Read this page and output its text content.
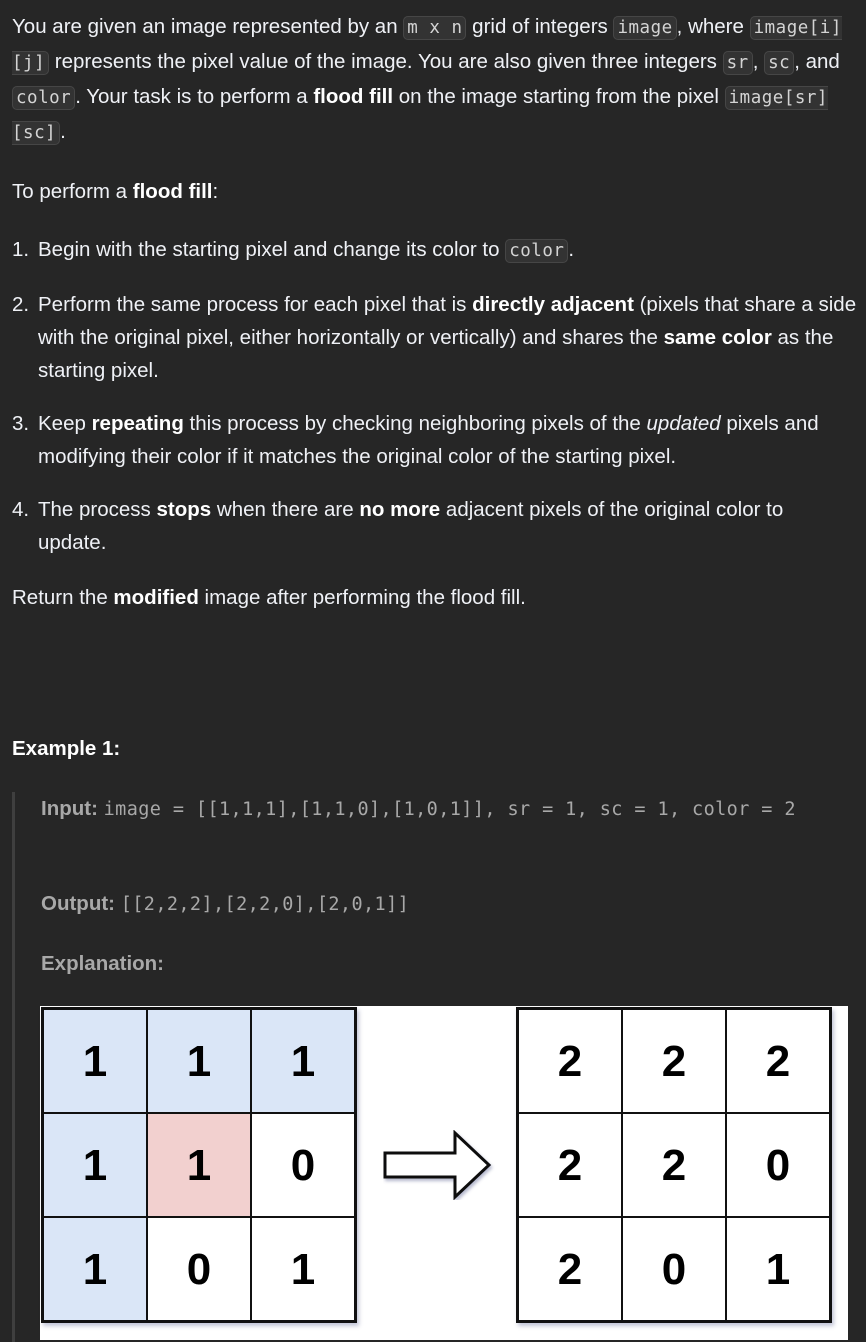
You are given an image represented by an m x n grid of integers image , where image[i][j] represents the pixel value of the image. You are also given three integers sr , sc , and color . Your task is to perform a flood fill on the image starting from the pixel image[sr][sc] .

To perform a flood fill:

1. Begin with the starting pixel and change its color to color .
2. Perform the same process for each pixel that is directly adjacent (pixels that share a side with the original pixel, either horizontally or vertically) and shares the same color as the starting pixel.
3. Keep repeating this process by checking neighboring pixels of the updated pixels and modifying their color if it matches the original color of the starting pixel.
4. The process stops when there are no more adjacent pixels of the original color to update.

Return the modified image after performing the flood fill.

Example 1:

Input: image = [[1,1,1],[1,1,0],[1,0,1]], sr = 1, sc = 1, color = 2

Output: [[2,2,2],[2,2,0],[2,0,1]]

Explanation:

1	1	1
1	1	0
1	0	1
2	2	2
2	2	0
2	0	1
